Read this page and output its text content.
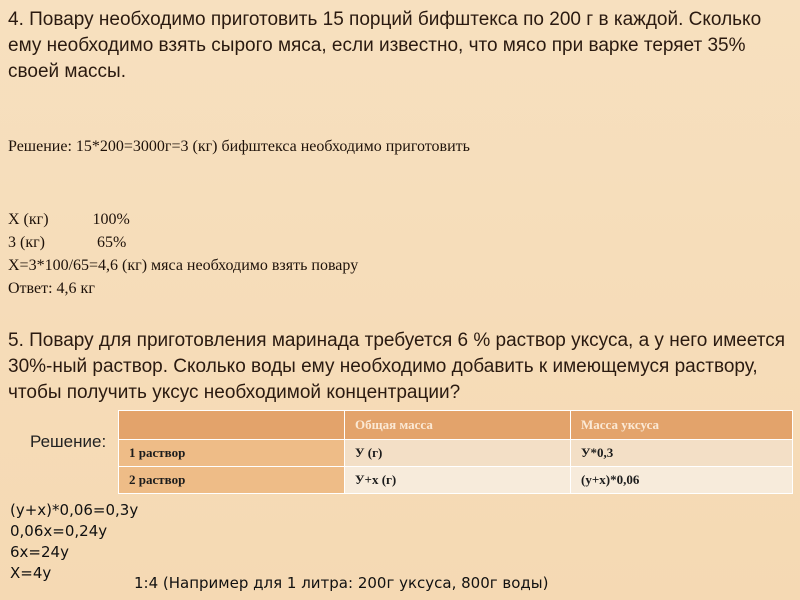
4. Повару необходимо приготовить 15 порций бифштекса по 200 г в каждой. Сколько ему необходимо взять сырого мяса, если известно, что мясо при варке теряет 35% своей массы.
Решение: 15*200=3000г=3 (кг) бифштекса необходимо приготовить
Х (кг)           100%
3 (кг)             65%
Х=3*100/65=4,6 (кг) мяса необходимо взять повару
Ответ: 4,6 кг
5. Повару для приготовления маринада требуется 6 % раствор уксуса, а у него имеется 30%-ный раствор. Сколько воды ему необходимо добавить к имеющемуся раствору, чтобы получить уксус необходимой концентрации?
Решение:
	Общая масса	Масса уксуса
1 раствор	У (г)	У*0,3
2 раствор	У+х (г)	(у+х)*0,06
(у+х)*0,06=0,3у
0,06х=0,24у
6х=24у
Х=4у
1:4 (Например для 1 литра: 200г уксуса, 800г воды)
